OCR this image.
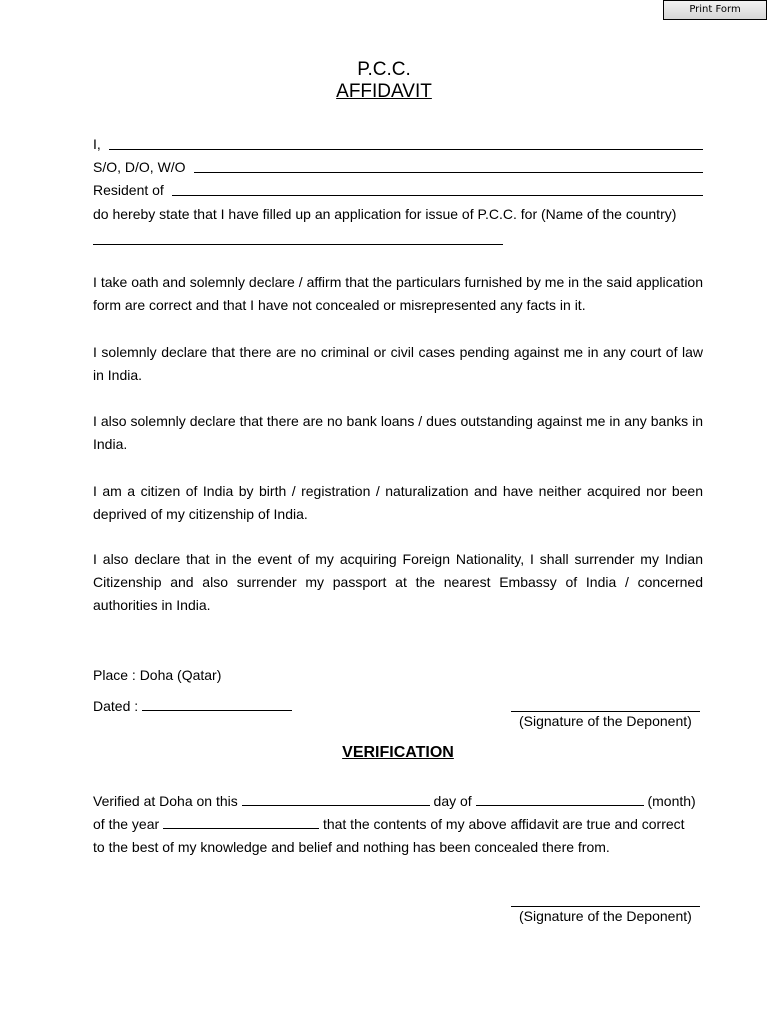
Print Form
P.C.C.
AFFIDAVIT
I,
S/O, D/O, W/O
Resident of

do hereby state that I have filled up an application for issue of P.C.C. for (Name of the country)

I take oath and solemnly declare / affirm that the particulars furnished by me in the said application form are correct and that I have not concealed or misrepresented any facts in it.

I solemnly declare that there are no criminal or civil cases pending against me in any court of law in India.

I also solemnly declare that there are no bank loans / dues outstanding against me in any banks in India.

I am a citizen of India by birth / registration / naturalization and have neither acquired nor been deprived of my citizenship of India.

I also declare that in the event of my acquiring Foreign Nationality, I shall surrender my Indian Citizenship and also surrender my passport at the nearest Embassy of India / concerned authorities in India.

Place : Doha (Qatar)

Dated :

(Signature of the Deponent)
VERIFICATION

Verified at Doha on this	day of	(month)

of the year	that the contents of my above affidavit are true and correct

to the best of my knowledge and belief and nothing has been concealed there from.

(Signature of the Deponent)
